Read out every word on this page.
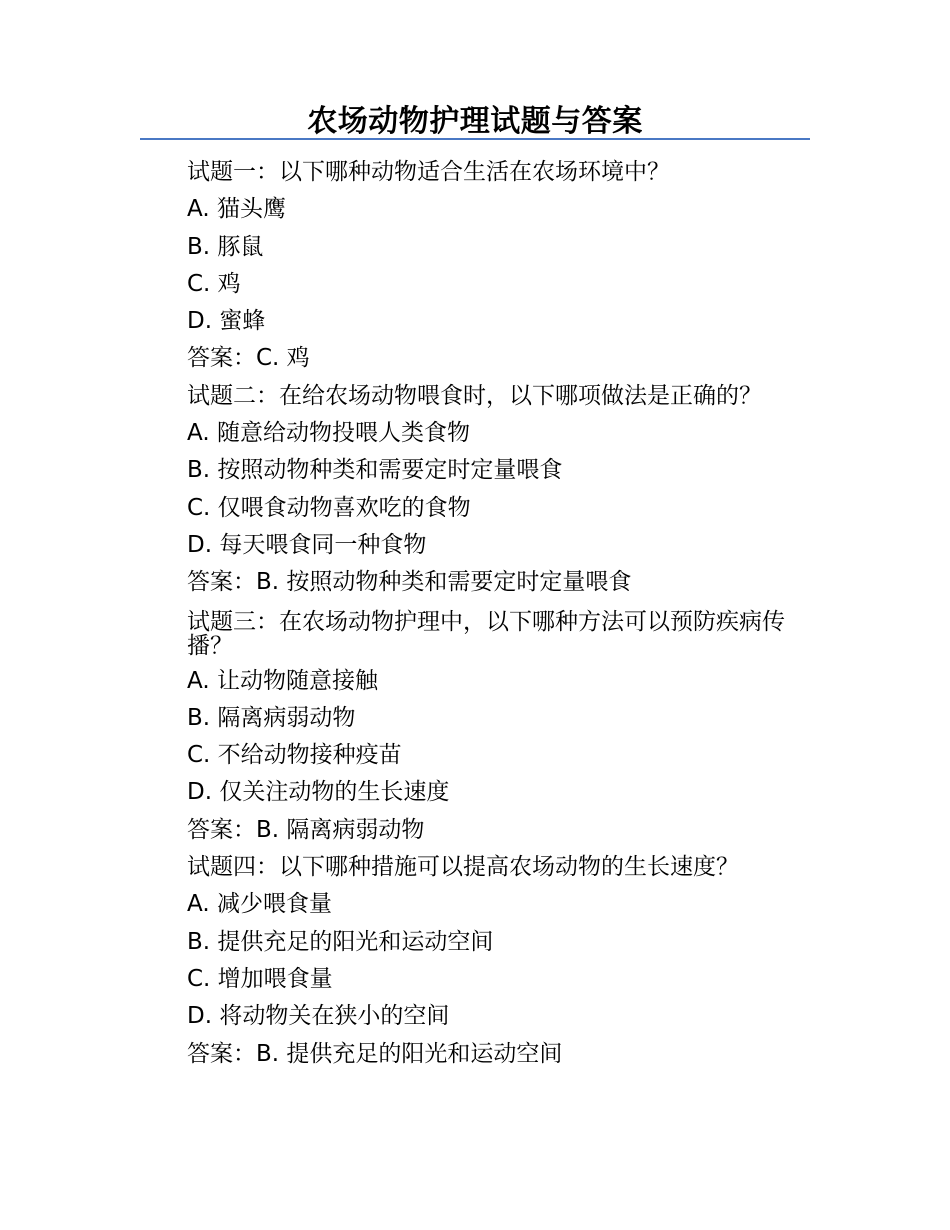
农场动物护理试题与答案
试题一：以下哪种动物适合生活在农场环境中？
A. 猫头鹰
B. 豚鼠
C. 鸡
D. 蜜蜂
答案：C. 鸡
试题二：在给农场动物喂食时，以下哪项做法是正确的？
A. 随意给动物投喂人类食物
B. 按照动物种类和需要定时定量喂食
C. 仅喂食动物喜欢吃的食物
D. 每天喂食同一种食物
答案：B. 按照动物种类和需要定时定量喂食
试题三：在农场动物护理中，以下哪种方法可以预防疾病传播？
A. 让动物随意接触
B. 隔离病弱动物
C. 不给动物接种疫苗
D. 仅关注动物的生长速度
答案：B. 隔离病弱动物
试题四：以下哪种措施可以提高农场动物的生长速度？
A. 减少喂食量
B. 提供充足的阳光和运动空间
C. 增加喂食量
D. 将动物关在狭小的空间
答案：B. 提供充足的阳光和运动空间
